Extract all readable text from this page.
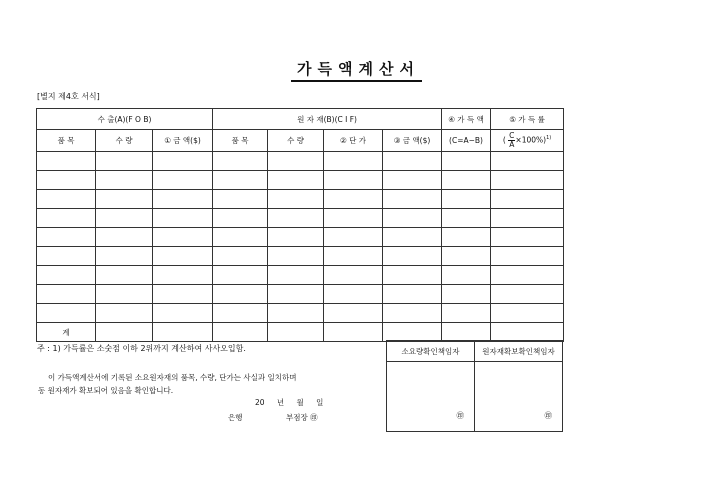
가득액계산서
[별지 제4호 서식]
수 출(A)(F O B)			원 자 재(B)(C I F)				④ 가 득 액	⑤ 가 득 률
품 목	수 량	① 금 액($)	품 목	수 량	② 단 가	③ 금 액($)	(C=A−B)	( $\frac{C}{A} \times 100\%)^{1)}$

계								
주 : 1) 가득률은 소숫점 이하 2위까지 계산하여 사사오입함.
이 가득액계산서에 기록된 소요원자재의 품목, 수량, 단가는 사실과 일치하며
동 원자재가 확보되어 있음을 확인합니다.
20 년 월 일
은행	부점장 ㊞
소요량확인책임자	원자재확보확인책임자
㊞	㊞
